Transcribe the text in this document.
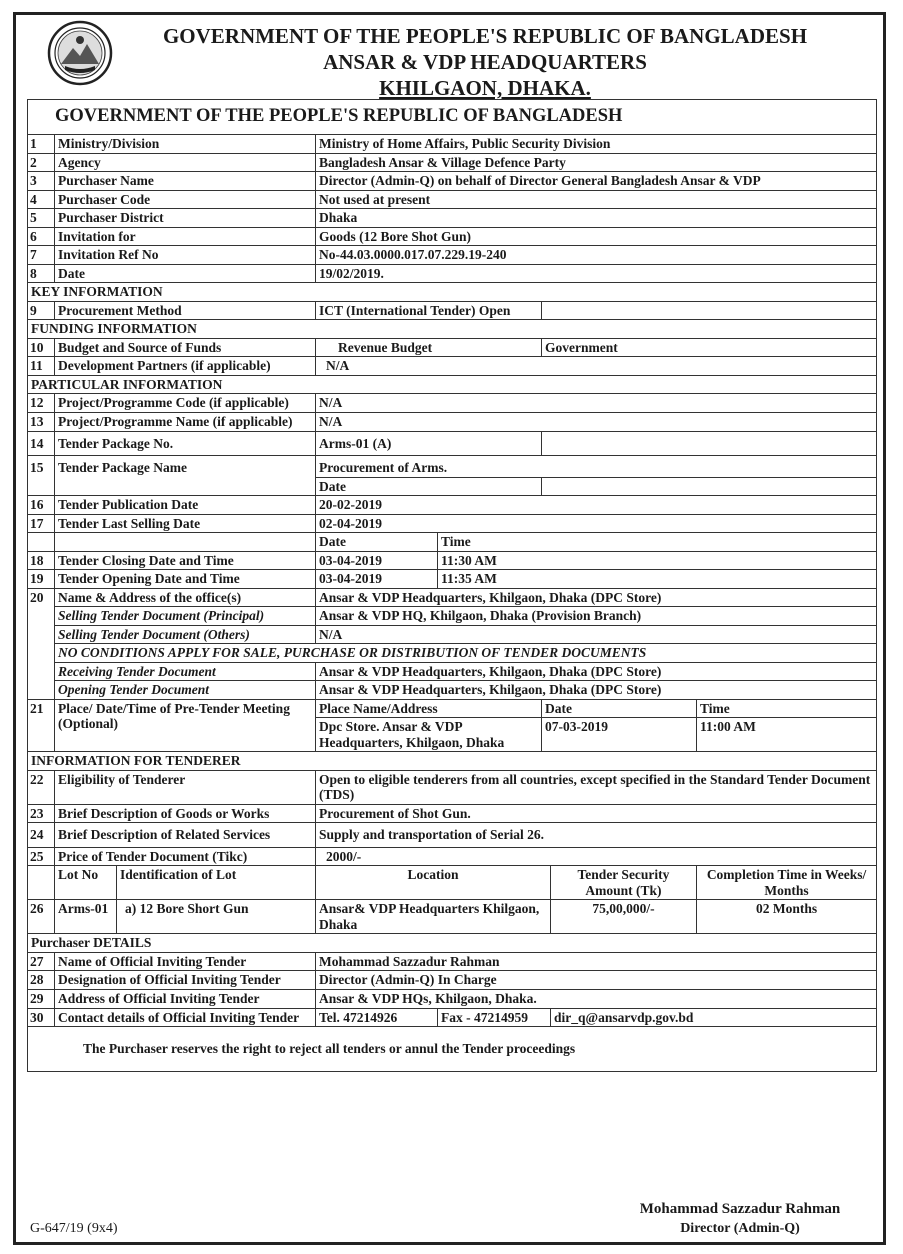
GOVERNMENT OF THE PEOPLE'S REPUBLIC OF BANGLADESH
ANSAR & VDP HEADQUARTERS
KHILGAON, DHAKA.
GOVERNMENT OF THE PEOPLE'S REPUBLIC OF BANGLADESH							
1	Ministry/Division		Ministry of Home Affairs, Public Security Division				
2	Agency		Bangladesh Ansar & Village Defence Party				
3	Purchaser Name		Director (Admin-Q) on behalf of Director General Bangladesh Ansar & VDP				
4	Purchaser Code		Not used at present				
5	Purchaser District		Dhaka				
6	Invitation for		Goods (12 Bore Shot Gun)				
7	Invitation Ref No		No-44.03.0000.017.07.229.19-240				
8	Date		19/02/2019.				
KEY INFORMATION							
9	Procurement Method		ICT (International Tender) Open				
FUNDING INFORMATION							
10	Budget and Source of Funds		Revenue Budget		Government		
11	Development Partners (if applicable)		N/A				
PARTICULAR INFORMATION							
12	Project/Programme Code (if applicable)		N/A				
13	Project/Programme Name (if applicable)		N/A				
14	Tender Package No.		Arms-01 (A)				
15	Tender Package Name		Procurement of Arms.				
			Date				
16	Tender Publication Date		20-02-2019				
17	Tender Last Selling Date		02-04-2019				
			Date	Time			
18	Tender Closing Date and Time		03-04-2019	11:30 AM			
19	Tender Opening Date and Time		03-04-2019	11:35 AM			
20	Name & Address of the office(s)		Ansar & VDP Headquarters, Khilgaon, Dhaka (DPC Store)				
	Selling Tender Document (Principal)		Ansar & VDP HQ, Khilgaon, Dhaka (Provision Branch)				
	Selling Tender Document (Others)		N/A				
	NO CONDITIONS APPLY FOR SALE, PURCHASE OR DISTRIBUTION OF TENDER DOCUMENTS						
	Receiving Tender Document		Ansar & VDP Headquarters, Khilgaon, Dhaka (DPC Store)				
	Opening Tender Document		Ansar & VDP Headquarters, Khilgaon, Dhaka (DPC Store)				
21	Place/ Date/Time of Pre-Tender Meeting (Optional)		Place Name/Address		Date		Time
			Dpc Store. Ansar & VDP Headquarters, Khilgaon, Dhaka		07-03-2019		11:00 AM
INFORMATION FOR TENDERER							
22	Eligibility of Tenderer		Open to eligible tenderers from all countries, except specified in the Standard Tender Document (TDS)				
23	Brief Description of Goods or Works		Procurement of Shot Gun.				
24	Brief Description of Related Services		Supply and transportation of Serial 26.				
25	Price of Tender Document (Tikc)		2000/-				
	Lot No	Identification of Lot	Location			Tender Security Amount (Tk)	Completion Time in Weeks/ Months
26	Arms-01	a) 12 Bore Short Gun	Ansar& VDP Headquarters Khilgaon, Dhaka			75,00,000/-	02 Months
Purchaser DETAILS							
27	Name of Official Inviting Tender		Mohammad Sazzadur Rahman				
28	Designation of Official Inviting Tender		Director (Admin-Q) In Charge				
29	Address of Official Inviting Tender		Ansar & VDP HQs, Khilgaon, Dhaka.				
30	Contact details of Official Inviting Tender		Tel. 47214926	Fax - 47214959		dir_q@ansarvdp.gov.bd	
The Purchaser reserves the right to reject all tenders or annul the Tender proceedings							
Mohammad Sazzadur Rahman
Director (Admin-Q)
G-647/19 (9x4)
